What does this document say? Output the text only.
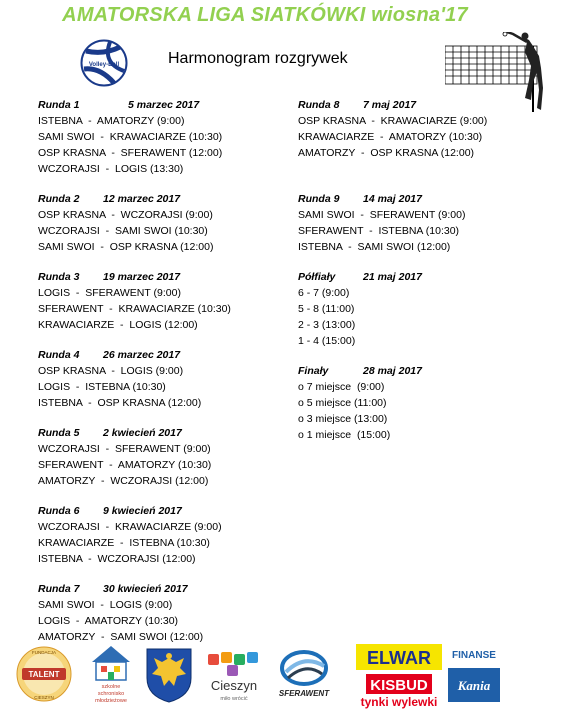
AMATORSKA LIGA SIATKÓWKI wiosna'17
Volley-Ball	Harmonogram rozgrywek
Runda 1	5 marzec 2017
ISTEBNA  -  AMATORZY (9:00)
SAMI SWOI  -  KRAWACIARZE (10:30)
OSP KRASNA  -  SFERAWENT (12:00)
WCZORAJSI  -  LOGIS (13:30)
Runda 2	12 marzec 2017
OSP KRASNA  -  WCZORAJSI (9:00)
WCZORAJSI  -  SAMI SWOI (10:30)
SAMI SWOI  -  OSP KRASNA (12:00)
Runda 3	19 marzec 2017
LOGIS  -  SFERAWENT (9:00)
SFERAWENT  -  KRAWACIARZE (10:30)
KRAWACIARZE  -  LOGIS (12:00)
Runda 4	26 marzec 2017
OSP KRASNA  -  LOGIS (9:00)
LOGIS  -  ISTEBNA (10:30)
ISTEBNA  -  OSP KRASNA (12:00)
Runda 5	2 kwiecień 2017
WCZORAJSI  -  SFERAWENT (9:00)
SFERAWENT  -  AMATORZY (10:30)
AMATORZY  -  WCZORAJSI (12:00)
Runda 6	9 kwiecień 2017
WCZORAJSI  -  KRAWACIARZE (9:00)
KRAWACIARZE  -  ISTEBNA (10:30)
ISTEBNA  -  WCZORAJSI (12:00)
Runda 7	30 kwiecień 2017
SAMI SWOI  -  LOGIS (9:00)
LOGIS  -  AMATORZY (10:30)
AMATORZY  -  SAMI SWOI (12:00)
Runda 8	7 maj 2017
OSP KRASNA  -  KRAWACIARZE (9:00)
KRAWACIARZE  -  AMATORZY (10:30)
AMATORZY  -  OSP KRASNA (12:00)
Runda 9	14 maj 2017
SAMI SWOI  -  SFERAWENT (9:00)
SFERAWENT  -  ISTEBNA (10:30)
ISTEBNA  -  SAMI SWOI (12:00)
Półfiały	21 maj 2017
6 - 7 (9:00)
5 - 8 (11:00)
2 - 3 (13:00)
1 - 4 (15:00)
Finały	28 maj 2017
o 7 miejsce  (9:00)
o 5 miejsce (11:00)
o 3 miejsce (13:00)
o 1 miejsce  (15:00)
FUNDACJA
TALENT
CIESZYN
szkolne
schronisko
młodzieżowe
Cieszyn
miło wrócić
SFERAWENT
ELWAR
KISBUD
tynki wylewki
FINANSE
Kania
